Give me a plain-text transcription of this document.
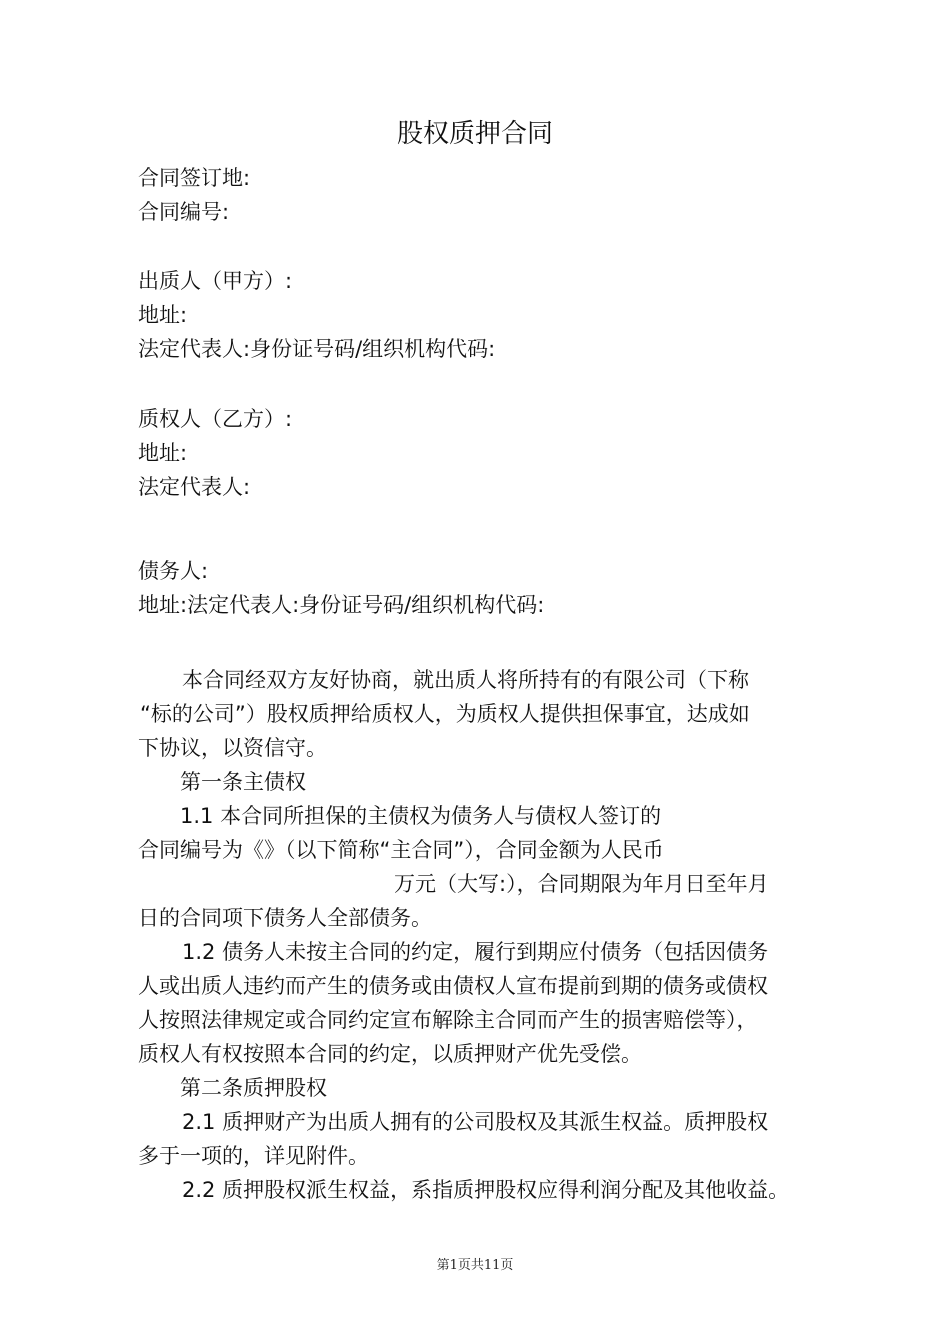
股权质押合同
合同签订地:
合同编号:
出质人（甲方）:
地址:
法定代表人:身份证号码/组织机构代码:
质权人（乙方）:
地址:
法定代表人:
债务人:
地址:法定代表人:身份证号码/组织机构代码:
本合同经双方友好协商，就出质人将所持有的有限公司（下称
“标的公司”）股权质押给质权人，为质权人提供担保事宜，达成如
下协议，以资信守。
第一条主债权
1.1 本合同所担保的主债权为债务人与债权人签订的
合同编号为《》（以下简称“主合同”），合同金额为人民币
万元（大写:），合同期限为年月日至年月
日的合同项下债务人全部债务。
1.2 债务人未按主合同的约定，履行到期应付债务（包括因债务
人或出质人违约而产生的债务或由债权人宣布提前到期的债务或债权
人按照法律规定或合同约定宣布解除主合同而产生的损害赔偿等），
质权人有权按照本合同的约定，以质押财产优先受偿。
第二条质押股权
2.1 质押财产为出质人拥有的公司股权及其派生权益。质押股权
多于一项的，详见附件。
2.2 质押股权派生权益，系指质押股权应得利润分配及其他收益。
第1页共11页
